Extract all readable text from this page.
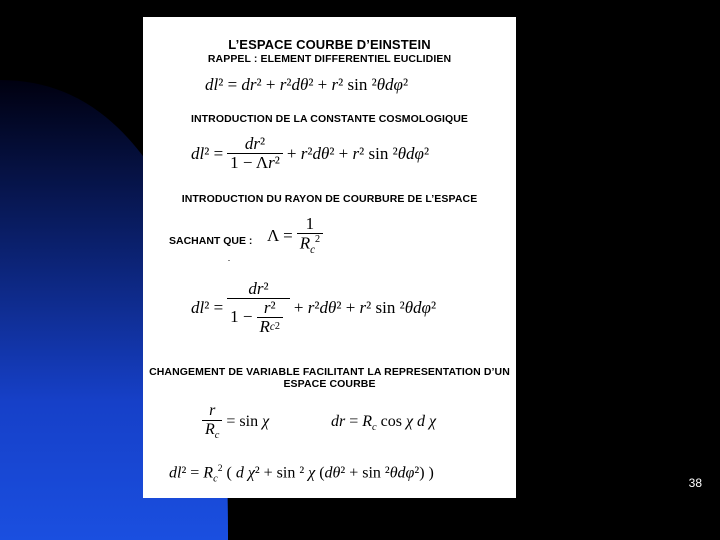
L’ESPACE COURBE D’EINSTEIN
RAPPEL : ELEMENT DIFFERENTIEL EUCLIDIEN
dl² = dr² + r²dθ² + r² sin ²θdφ²
INTRODUCTION DE LA CONSTANTE COSMOLOGIQUE
$dl^2 = \frac{\text{dr²}}{\text{1 − Λr²}} + r^2d\theta^2 + r^2$ sin ²θdφ²
INTRODUCTION DU RAYON DE COURBURE DE L’ESPACE
SACHANT QUE : $\Lambda = \frac{1}{R_c^2}$
$dl^2 = \frac{\text{dr²}}{1 - \frac{\text{r²}}{\text{R c 2}}} + r^2d\theta^2 + r^2$ sin ²θdφ²
CHANGEMENT DE VARIABLE FACILITANT LA REPRESENTATION D’UN ESPACE COURBE
$\frac{r}{R_c} = \sin \chi$	dr = $R_c$ cos χ d χ
$dl^2 = R_c^2$ ( d χ² + sin ² χ (dθ² + sin ²θdφ²) )
38
